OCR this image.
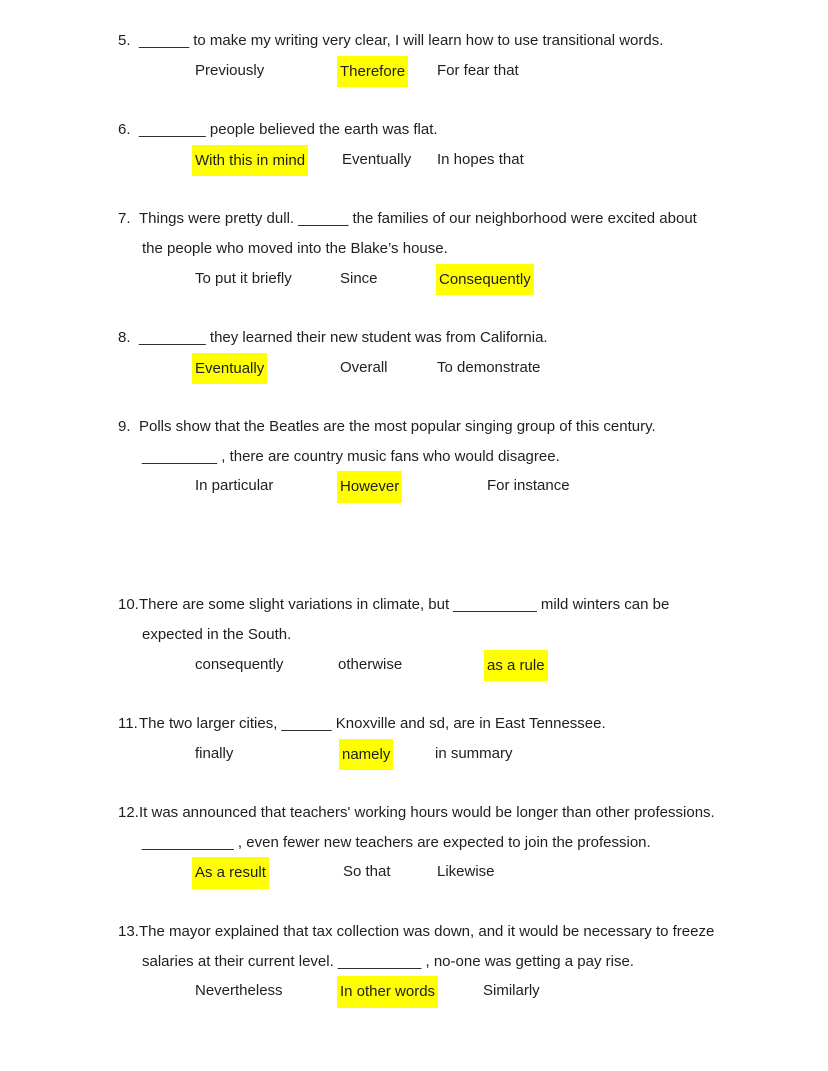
5. ______ to make my writing very clear, I will learn how to use transitional words.
Previously	Therefore For fear that
6. ________ people believed the earth was flat.
With this in mind Eventually In hopes that
7. Things were pretty dull. ______ the families of our neighborhood were excited about
the people who moved into the Blake’s house.
To put it briefly	Since	Consequently
8. ________ they learned their new student was from California.
Eventually	Overall	To demonstrate
9. Polls show that the Beatles are the most popular singing group of this century.
_________ , there are country music fans who would disagree.
In particular	However	For instance
10. There are some slight variations in climate, but __________ mild winters can be
expected in the South.
consequently	otherwise	as a rule
11. The two larger cities, ______ Knoxville and sd, are in East Tennessee.
finally	namely	in summary
12. It was announced that teachers' working hours would be longer than other professions.
___________ , even fewer new teachers are expected to join the profession.
As a result	So that	Likewise
13. The mayor explained that tax collection was down, and it would be necessary to freeze
salaries at their current level. __________ , no-one was getting a pay rise.
Nevertheless	In other words	Similarly
